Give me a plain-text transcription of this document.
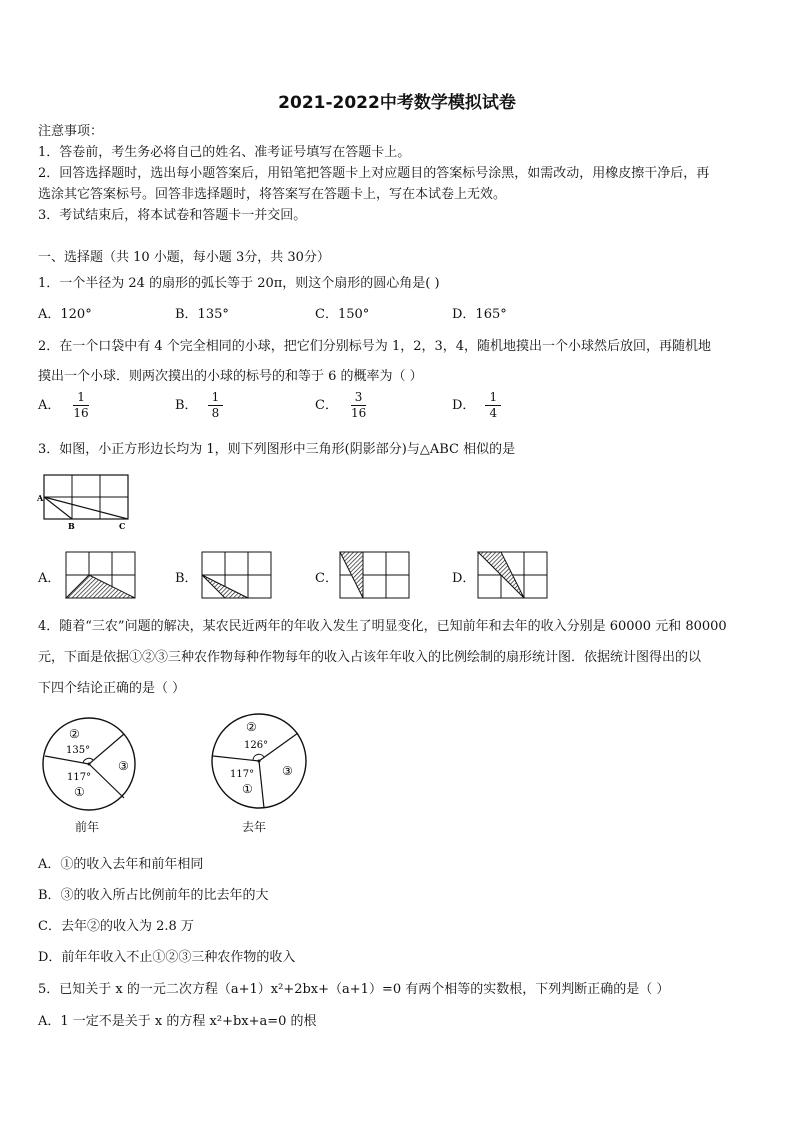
2021-2022中考数学模拟试卷
注意事项：
1．答卷前，考生务必将自己的姓名、准考证号填写在答题卡上。
2．回答选择题时，选出每小题答案后，用铅笔把答题卡上对应题目的答案标号涂黑，如需改动，用橡皮擦干净后，再
选涂其它答案标号。回答非选择题时，将答案写在答题卡上，写在本试卷上无效。
3．考试结束后，将本试卷和答题卡一并交回。
一、选择题（共 10 小题，每小题 3分，共 30分）
1．一个半径为 24 的扇形的弧长等于 20π，则这个扇形的圆心角是( )
A．120°	B．135°	C．150°	D．165°
2．在一个口袋中有 4 个完全相同的小球，把它们分别标号为 1，2，3，4，随机地摸出一个小球然后放回，再随机地
摸出一个小球．则两次摸出的小球的标号的和等于 6 的概率为（ ）
A． $\frac{1}{16}$	B． $\frac{1}{8}$	C． $\frac{3}{16}$	D． $\frac{1}{4}$
3．如图，小正方形边长均为 1，则下列图形中三角形(阴影部分)与△ABC 相似的是
A
B	C
A．	B．	C．	D．
4．随着“三农”问题的解决，某农民近两年的年收入发生了明显变化，已知前年和去年的收入分别是 60000 元和 80000
元，下面是依据①②③三种农作物每种作物每年的收入占该年年收入的比例绘制的扇形统计图．依据统计图得出的以
下四个结论正确的是（ ）
②
135°
117°
③
①
前年
②
126°
117° ③
①
去年
A．①的收入去年和前年相同
B．③的收入所占比例前年的比去年的大
C．去年②的收入为 2.8 万
D．前年年收入不止①②③三种农作物的收入
5．已知关于 x 的一元二次方程（a+1）x²+2bx+（a+1）=0 有两个相等的实数根，下列判断正确的是（ ）
A．1 一定不是关于 x 的方程 x²+bx+a=0 的根
